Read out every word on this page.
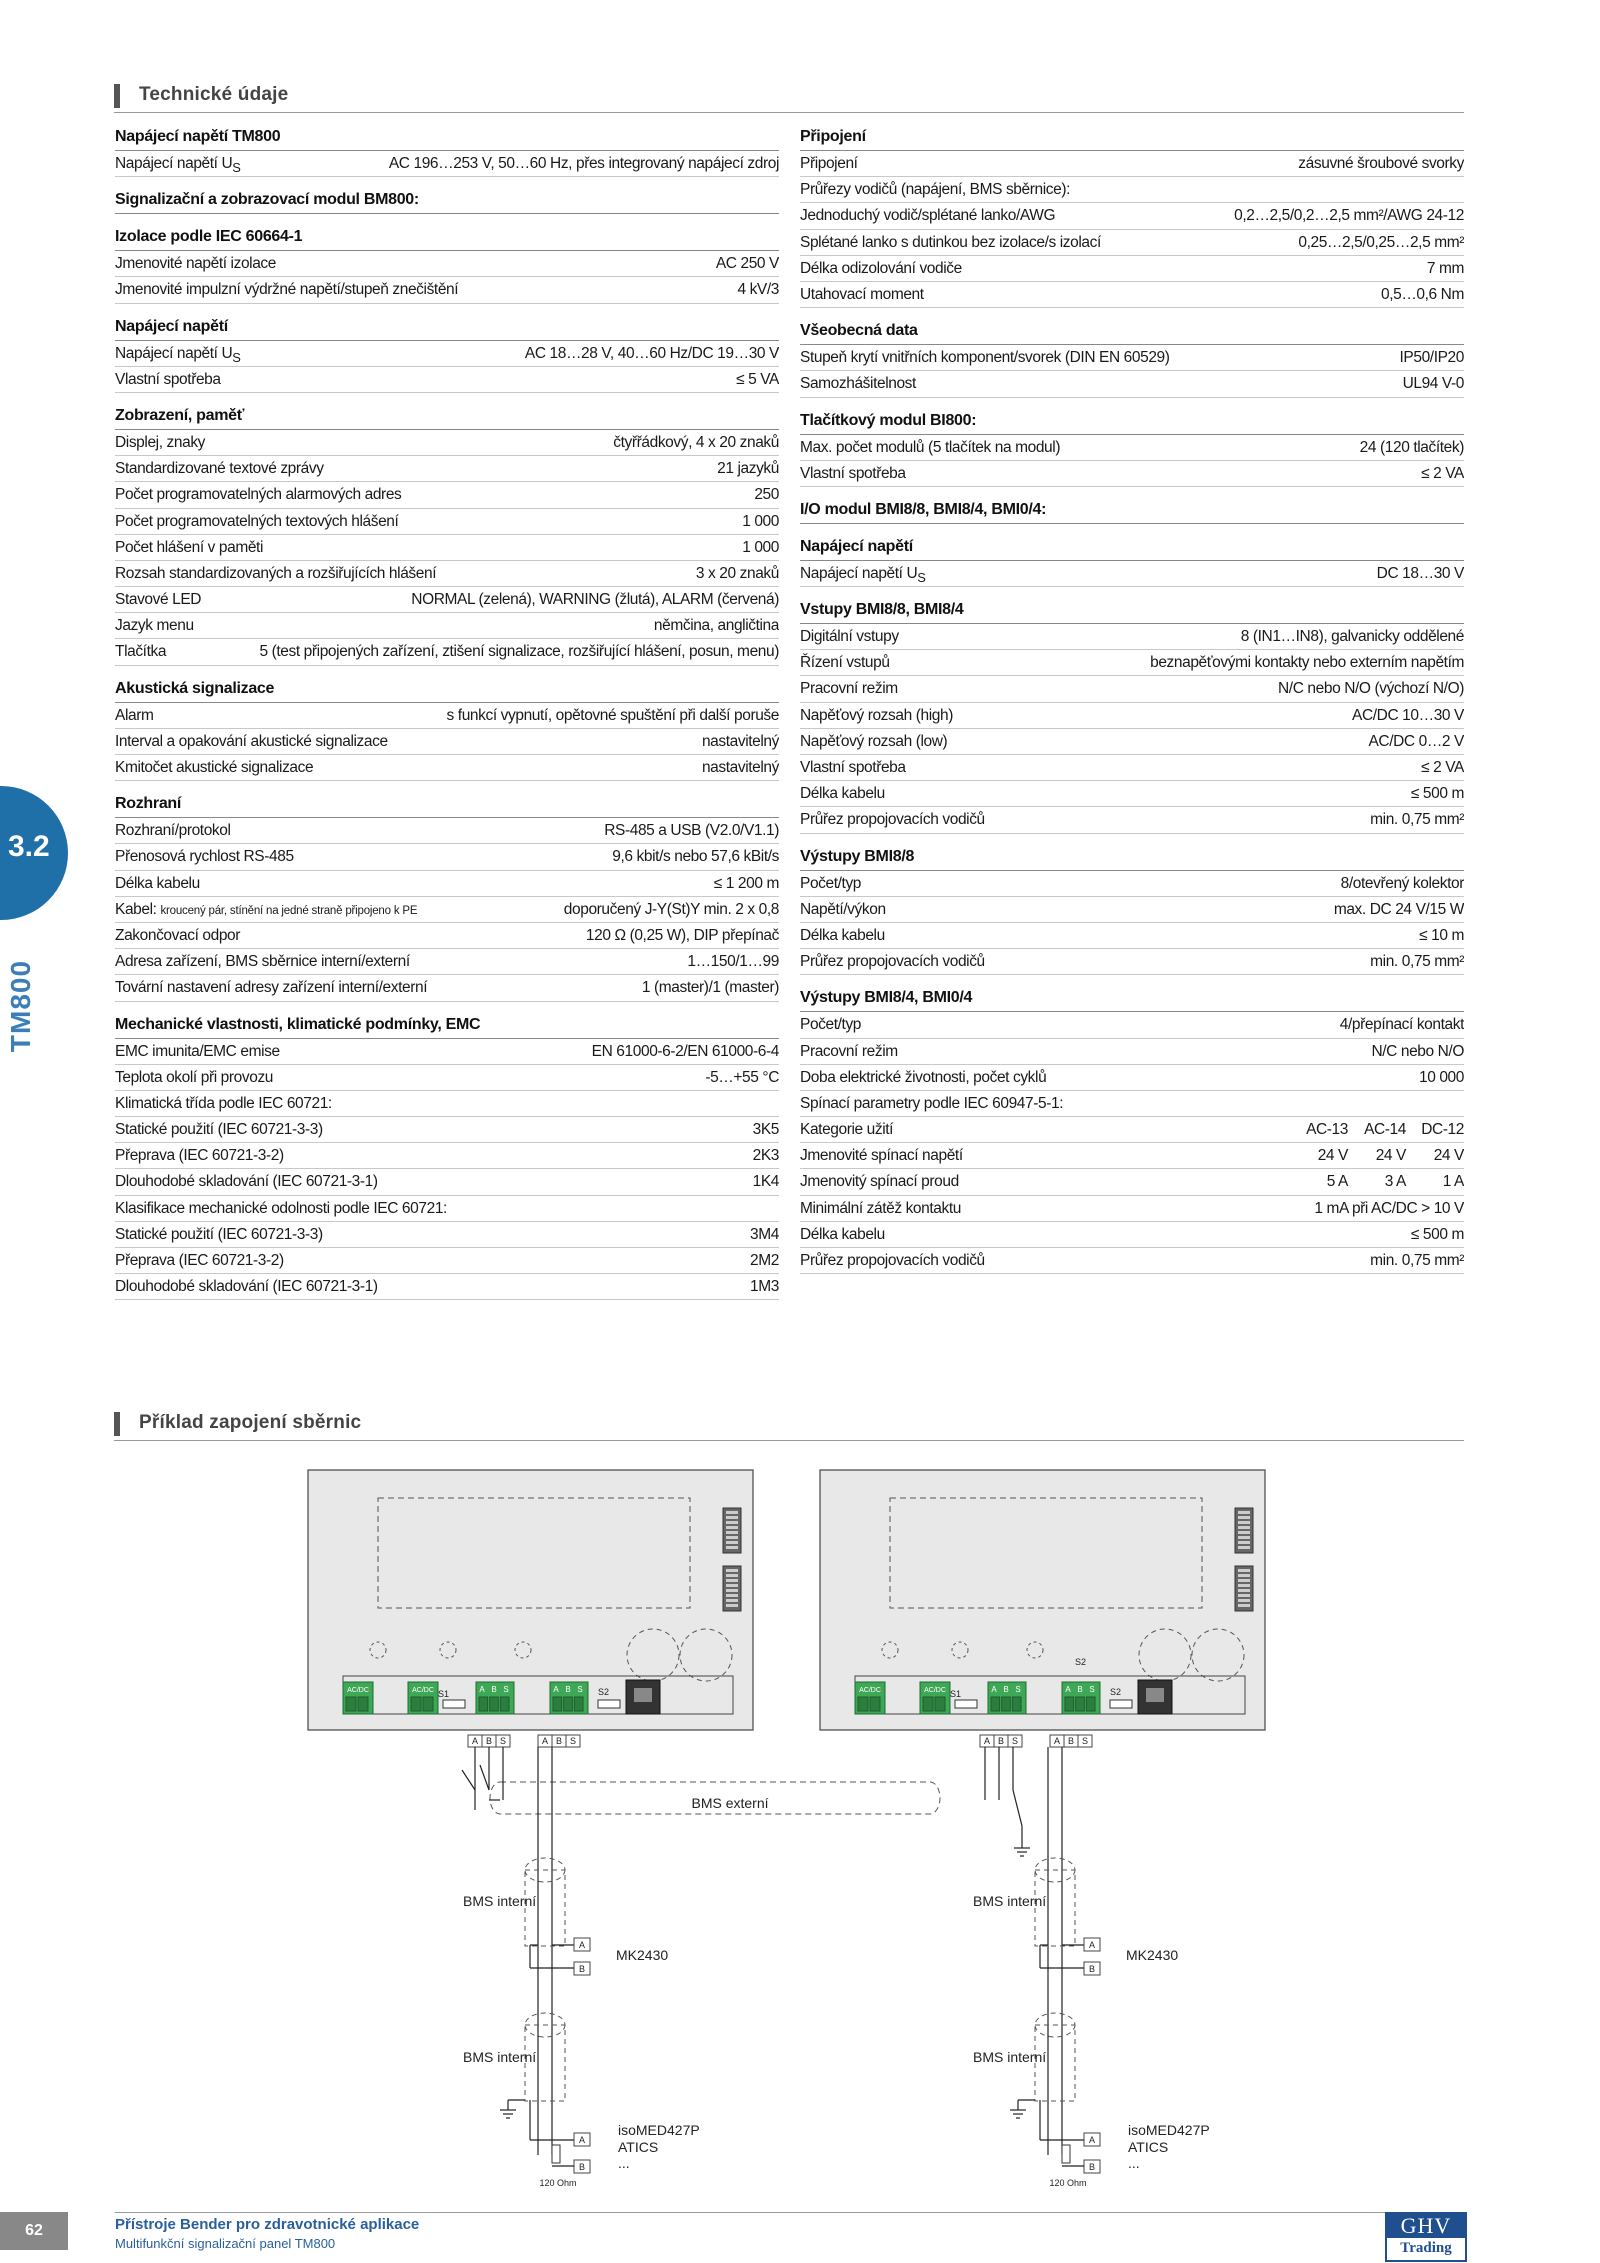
Technické údaje
Napájecí napětí TM800
Napájecí napětí $U_S$	AC 196…253 V, 50…60 Hz, přes integrovaný napájecí zdroj
Signalizační a zobrazovací modul BM800:
Izolace podle IEC 60664-1
Jmenovité napětí izolace	AC 250 V
Jmenovité impulzní výdržné napětí/stupeň znečištění	4 kV/3
Napájecí napětí
Napájecí napětí $U_S$	AC 18…28 V, 40…60 Hz/DC 19…30 V
Vlastní spotřeba	≤ 5 VA
Zobrazení, paměť
Displej, znaky	čtyřřádkový, 4 x 20 znaků
Standardizované textové zprávy	21 jazyků
Počet programovatelných alarmových adres	250
Počet programovatelných textových hlášení	1 000
Počet hlášení v paměti	1 000
Rozsah standardizovaných a rozšiřujících hlášení	3 x 20 znaků
Stavové LED	NORMAL (zelená), WARNING (žlutá), ALARM (červená)
Jazyk menu	němčina, angličtina
Tlačítka	5 (test připojených zařízení, ztišení signalizace, rozšiřující hlášení, posun, menu)
Akustická signalizace
Alarm	s funkcí vypnutí, opětovné spuštění při další poruše
Interval a opakování akustické signalizace	nastavitelný
Kmitočet akustické signalizace	nastavitelný
Rozhraní
Rozhraní/protokol	RS-485 a USB (V2.0/V1.1)
Přenosová rychlost RS-485	9,6 kbit/s nebo 57,6 kBit/s
Délka kabelu	≤ 1 200 m
Kabel: kroucený pár, stínění na jedné straně připojeno k PE	doporučený J-Y(St)Y min. 2 x 0,8
Zakončovací odpor	120 Ω (0,25 W), DIP přepínač
Adresa zařízení, BMS sběrnice interní/externí	1…150/1…99
Tovární nastavení adresy zařízení interní/externí	1 (master)/1 (master)
Mechanické vlastnosti, klimatické podmínky, EMC
EMC imunita/EMC emise	EN 61000-6-2/EN 61000-6-4
Teplota okolí při provozu	-5…+55 °C
Klimatická třída podle IEC 60721:
Statické použití (IEC 60721-3-3)	3K5
Přeprava (IEC 60721-3-2)	2K3
Dlouhodobé skladování (IEC 60721-3-1)	1K4
Klasifikace mechanické odolnosti podle IEC 60721:
Statické použití (IEC 60721-3-3)	3M4
Přeprava (IEC 60721-3-2)	2M2
Dlouhodobé skladování (IEC 60721-3-1)	1M3
Připojení
Připojení	zásuvné šroubové svorky
Průřezy vodičů (napájení, BMS sběrnice):
Jednoduchý vodič/splétané lanko/AWG	0,2…2,5/0,2…2,5 mm²/AWG 24-12
Splétané lanko s dutinkou bez izolace/s izolací	0,25…2,5/0,25…2,5 mm²
Délka odizolování vodiče	7 mm
Utahovací moment	0,5…0,6 Nm
Všeobecná data
Stupeň krytí vnitřních komponent/svorek (DIN EN 60529)	IP50/IP20
Samozhášitelnost	UL94 V-0
Tlačítkový modul BI800:
Max. počet modulů (5 tlačítek na modul)	24 (120 tlačítek)
Vlastní spotřeba	≤ 2 VA
I/O modul BMI8/8, BMI8/4, BMI0/4:
Napájecí napětí
Napájecí napětí $U_S$	DC 18…30 V
Vstupy BMI8/8, BMI8/4
Digitální vstupy	8 (IN1…IN8), galvanicky oddělené
Řízení vstupů	beznapěťovými kontakty nebo externím napětím
Pracovní režim	N/C nebo N/O (výchozí N/O)
Napěťový rozsah (high)	AC/DC 10…30 V
Napěťový rozsah (low)	AC/DC 0…2 V
Vlastní spotřeba	≤ 2 VA
Délka kabelu	≤ 500 m
Průřez propojovacích vodičů	min. 0,75 mm²
Výstupy BMI8/8
Počet/typ	8/otevřený kolektor
Napětí/výkon	max. DC 24 V/15 W
Délka kabelu	≤ 10 m
Průřez propojovacích vodičů	min. 0,75 mm²
Výstupy BMI8/4, BMI0/4
Počet/typ	4/přepínací kontakt
Pracovní režim	N/C nebo N/O
Doba elektrické životnosti, počet cyklů	10 000
Spínací parametry podle IEC 60947-5-1:
Kategorie užití	AC-13	AC-14 DC-12
Jmenovité spínací napětí	24 V	24 V	24 V
Jmenovitý spínací proud	5 A	3 A	1 A
Minimální zátěž kontaktu	1 mA při AC/DC > 10 V
Délka kabelu	≤ 500 m
Průřez propojovacích vodičů	min. 0,75 mm²
3.2
TM800
Příklad zapojení sběrnic
AC/DC	AC/DC	A B S	A B S
S1	S2
A B S	A B S
AC/DC	AC/DC	A B S	A B S
S1	S2
S2
A B S	A B S
BMS externí
BMS interní
BMS interní
A
B
MK2430
A
B
120 Ohm
isoMED427P
ATICS
...
BMS interní
BMS interní
A
B
MK2430
A
B
120 Ohm
isoMED427P
ATICS
...
62	Přístroje Bender pro zdravotnické aplikace
Multifunkční signalizační panel TM800
GHV
Trading
